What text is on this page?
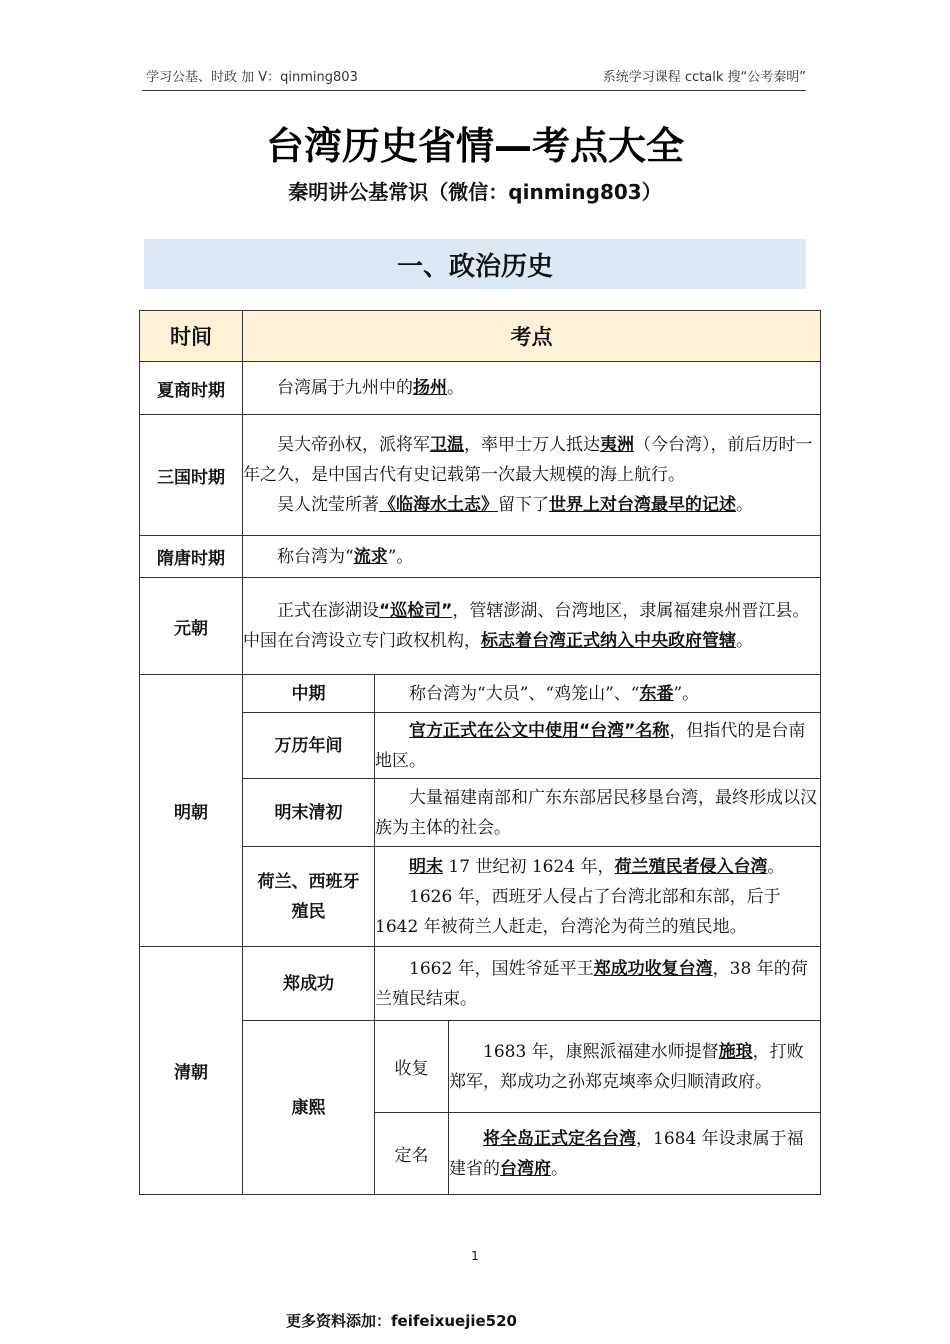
学习公基、时政 加 V：qinming803	系统学习课程 cctalk 搜“公考秦明”
台湾历史省情—考点大全
秦明讲公基常识（微信：qinming803）
一、政治历史
时间	考点		
夏商时期	台湾属于九州中的扬州。		

三国时期	吴大帝孙权，派将军卫温，率甲士万人抵达夷洲（今台湾），前后历时一年之久，是中国古代有史记载第一次最大规模的海上航行。

吴人沈莹所著《临海水土志》留下了世界上对台湾最早的记述。		

隋唐时期	称台湾为“流求”。		

元朝	正式在澎湖设“巡检司”，管辖澎湖、台湾地区，隶属福建泉州晋江县。中国在台湾设立专门政权机构，标志着台湾正式纳入中央政府管辖。		

明朝	中期	称台湾为“大员”、“鸡笼山”、“东番”。	

	万历年间	官方正式在公文中使用“台湾”名称，但指代的是台南地区。	

	明末清初	大量福建南部和广东东部居民移垦台湾，最终形成以汉族为主体的社会。	

	荷兰、西班牙殖民	明末 17 世纪初 1624 年，荷兰殖民者侵入台湾。

1626 年，西班牙人侵占了台湾北部和东部，后于 1642 年被荷兰人赶走，台湾沦为荷兰的殖民地。	

清朝	郑成功	1662 年，国姓爷延平王郑成功收复台湾，38 年的荷兰殖民结束。	

	康熙	收复	1683 年，康熙派福建水师提督施琅，打败郑军，郑成功之孙郑克塽率众归顺清政府。

		定名	将全岛正式定名台湾，1684 年设隶属于福建省的台湾府。

1
更多资料添加：feifeixuejie520
